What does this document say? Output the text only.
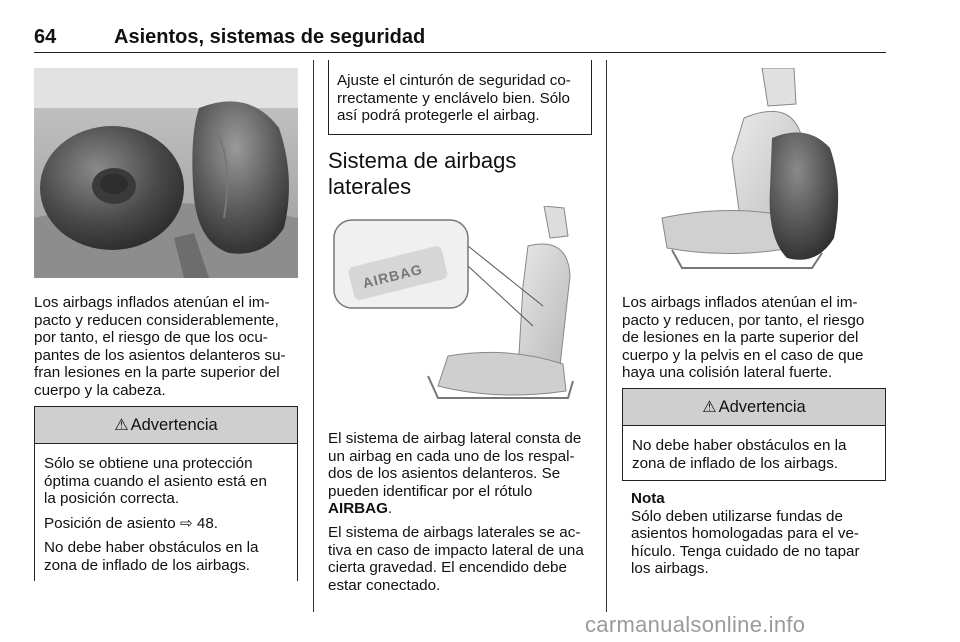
64	Asientos, sistemas de seguridad
Los airbags inflados atenúan el im-
pacto y reducen considerablemente,
por tanto, el riesgo de que los ocu-
pantes de los asientos delanteros su-
fran lesiones en la parte superior del
cuerpo y la cabeza.
⚠ Advertencia
Sólo se obtiene una protección
óptima cuando el asiento está en
la posición correcta.
Posición de asiento ⇨ 48.
No debe haber obstáculos en la
zona de inflado de los airbags.
Ajuste el cinturón de seguridad co-
rrectamente y enclávelo bien. Sólo
así podrá protegerle el airbag.
Sistema de airbags
laterales
AIRBAG
El sistema de airbag lateral consta de
un airbag en cada uno de los respal-
dos de los asientos delanteros. Se
pueden identificar por el rótulo
AIRBAG.
El sistema de airbags laterales se ac-
tiva en caso de impacto lateral de una
cierta gravedad. El encendido debe
estar conectado.
Los airbags inflados atenúan el im-
pacto y reducen, por tanto, el riesgo
de lesiones en la parte superior del
cuerpo y la pelvis en el caso de que
haya una colisión lateral fuerte.
⚠ Advertencia
No debe haber obstáculos en la
zona de inflado de los airbags.
Nota
Sólo deben utilizarse fundas de
asientos homologadas para el ve-
hículo. Tenga cuidado de no tapar
los airbags.
carmanualsonline.info
